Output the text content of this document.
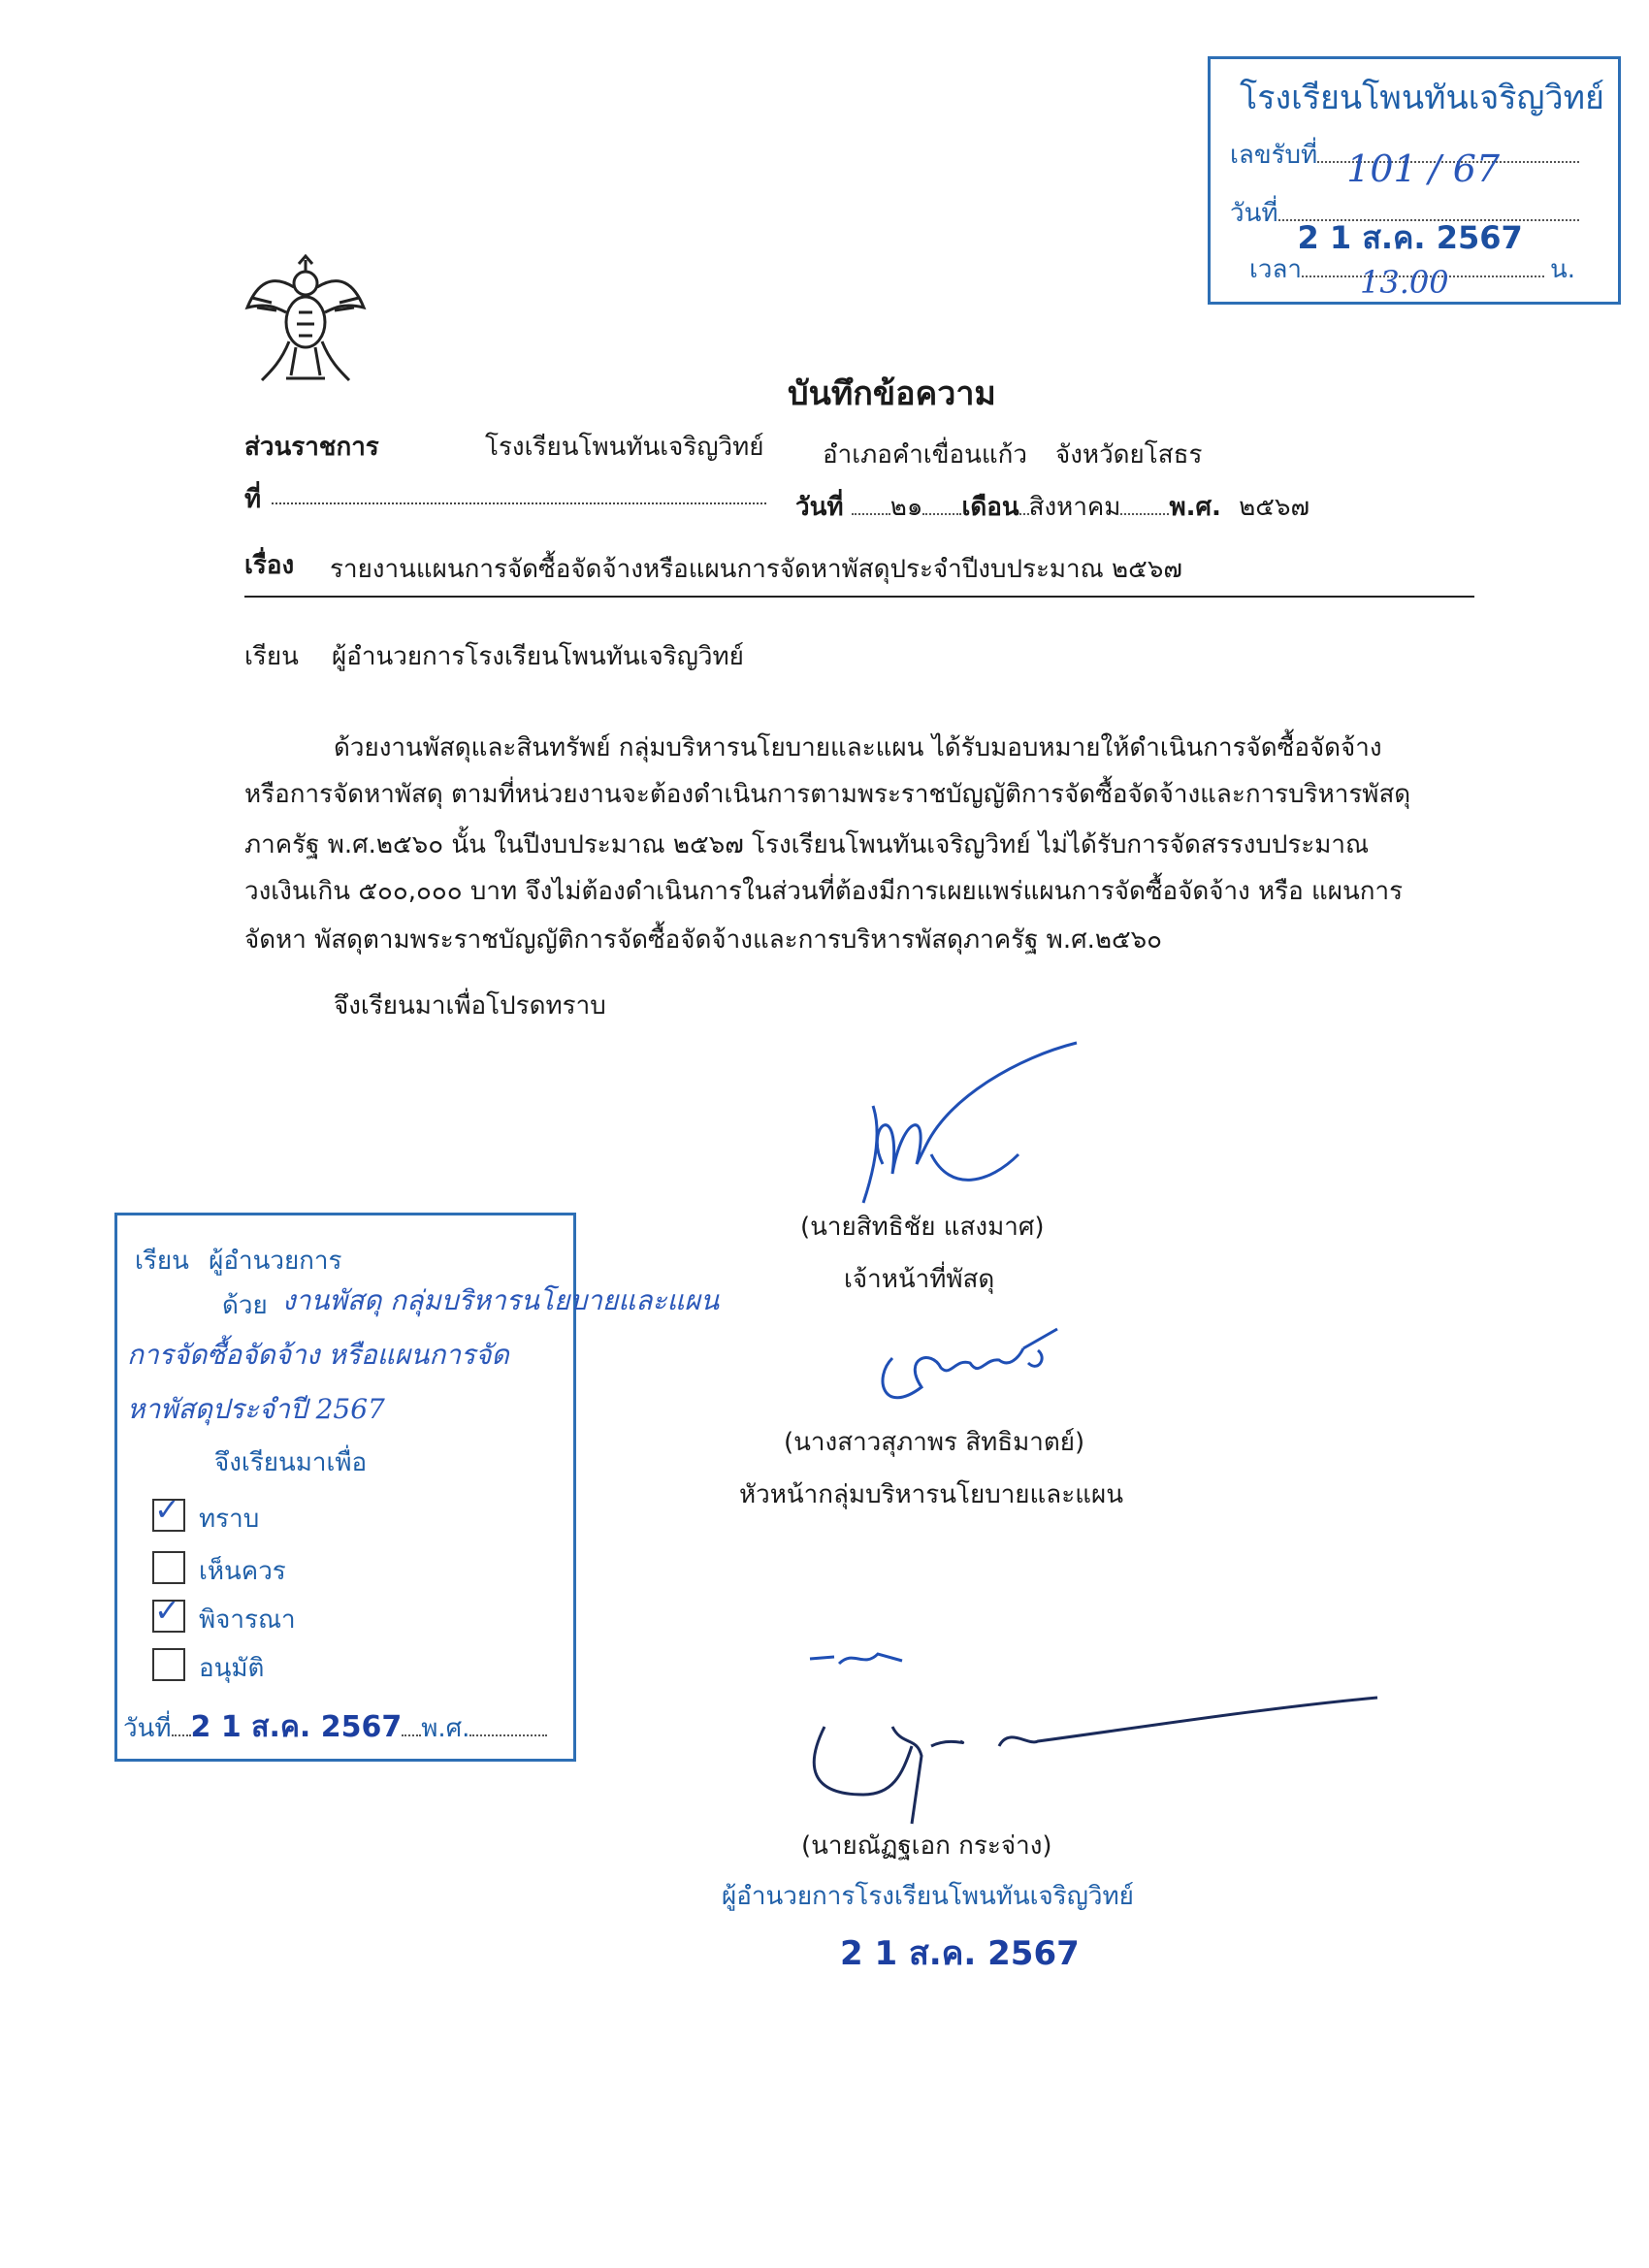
โรงเรียนโพนทันเจริญวิทย์
เลขรับที่ 101 / 67
วันที่
2 1 ส.ค. 2567
เวลา 13.00	น.
บันทึกข้อความ
ส่วนราชการ	โรงเรียนโพนทันเจริญวิทย์ อำเภอคำเขื่อนแก้ว จังหวัดยโสธร
ที่	วันที่ ๒๑ เดือน สิงหาคม พ.ศ. ๒๕๖๗
เรื่อง รายงานแผนการจัดซื้อจัดจ้างหรือแผนการจัดหาพัสดุประจำปีงบประมาณ ๒๕๖๗
เรียน ผู้อำนวยการโรงเรียนโพนทันเจริญวิทย์
ด้วยงานพัสดุและสินทรัพย์ กลุ่มบริหารนโยบายและแผน ได้รับมอบหมายให้ดำเนินการจัดซื้อจัดจ้าง
หรือการจัดหาพัสดุ ตามที่หน่วยงานจะต้องดำเนินการตามพระราชบัญญัติการจัดซื้อจัดจ้างและการบริหารพัสดุ
ภาครัฐ พ.ศ.๒๕๖๐ นั้น ในปีงบประมาณ ๒๕๖๗ โรงเรียนโพนทันเจริญวิทย์ ไม่ได้รับการจัดสรรงบประมาณ
วงเงินเกิน ๕๐๐,๐๐๐ บาท จึงไม่ต้องดำเนินการในส่วนที่ต้องมีการเผยแพร่แผนการจัดซื้อจัดจ้าง หรือ แผนการ
จัดหา พัสดุตามพระราชบัญญัติการจัดซื้อจัดจ้างและการบริหารพัสดุภาครัฐ พ.ศ.๒๕๖๐
จึงเรียนมาเพื่อโปรดทราบ
(นายสิทธิชัย แสงมาศ)
เจ้าหน้าที่พัสดุ
(นางสาวสุภาพร สิทธิมาตย์)
หัวหน้ากลุ่มบริหารนโยบายและแผน
(นายณัฏฐเอก กระจ่าง)
ผู้อำนวยการโรงเรียนโพนทันเจริญวิทย์
2 1 ส.ค. 2567
เรียน ผู้อำนวยการ
ด้วย งานพัสดุ กลุ่มบริหารนโยบายและแผน
การจัดซื้อจัดจ้าง หรือแผนการจัด
หาพัสดุประจำปี 2567
จึงเรียนมาเพื่อ
✓ ทราบ
เห็นควร
✓ พิจารณา
อนุมัติ
วันที่ 2 1 ส.ค. 2567 พ.ศ.
